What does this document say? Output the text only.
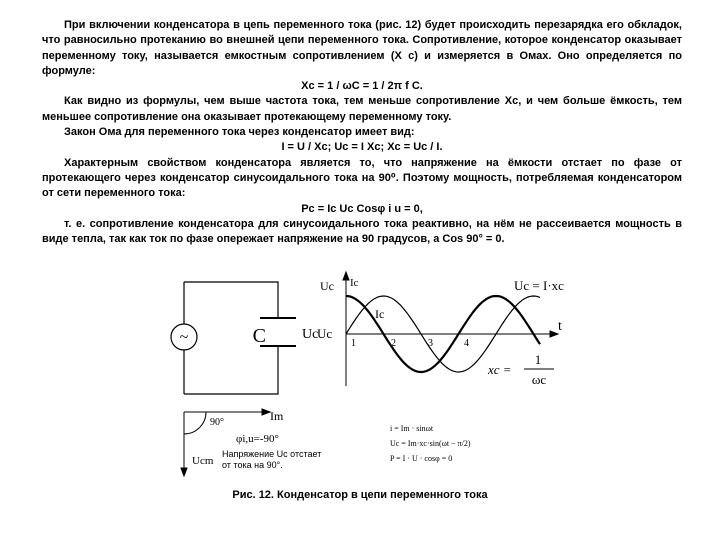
При включении конденсатора в цепь переменного тока (рис. 12) будет происходить перезарядка его обкладок, что равносильно протеканию во внешней цепи переменного тока. Сопротивление, которое конденсатор оказывает переменному току, называется емкостным сопротивлением (X c) и измеряется в Омах. Оно определяется по формуле:

Xc = 1 / ωC = 1 / 2π f C.

Как видно из формулы, чем выше частота тока, тем меньше сопротивление Xc, и чем больше ёмкость, тем меньшее сопротивление она оказывает протекающему переменному току.

Закон Ома для переменного тока через конденсатор имеет вид:

I = U / Xc; Uc = I Xc; Xc = Uc / I.

Характерным свойством конденсатора является то, что напряжение на ёмкости отстает по фазе от протекающего через конденсатор синусоидального тока на 90⁰. Поэтому мощность, потребляемая конденсатором от сети переменного тока:

Pc = Ic Uc Cosφ i u = 0,

т. е. сопротивление конденсатора для синусоидального тока реактивно, на нём не рассеивается мощность в виде тепла, так как ток по фазе опережает напряжение на 90 градусов, а Cos 90° = 0.

~	C	Uc
Uc Ic
Ic
Uc	t
1	2	3	4
Uc = I·xc
xc =
1
ωc
90°	Im
φi,u=-90°
Ucm
Напряжение Uc отстает
от тока на 90°.
i = Im · sinωt
Uc = Im·xc·sin(ωt − π/2)
P = I · U · cosφ = 0
Рис. 12. Конденсатор в цепи переменного тока
